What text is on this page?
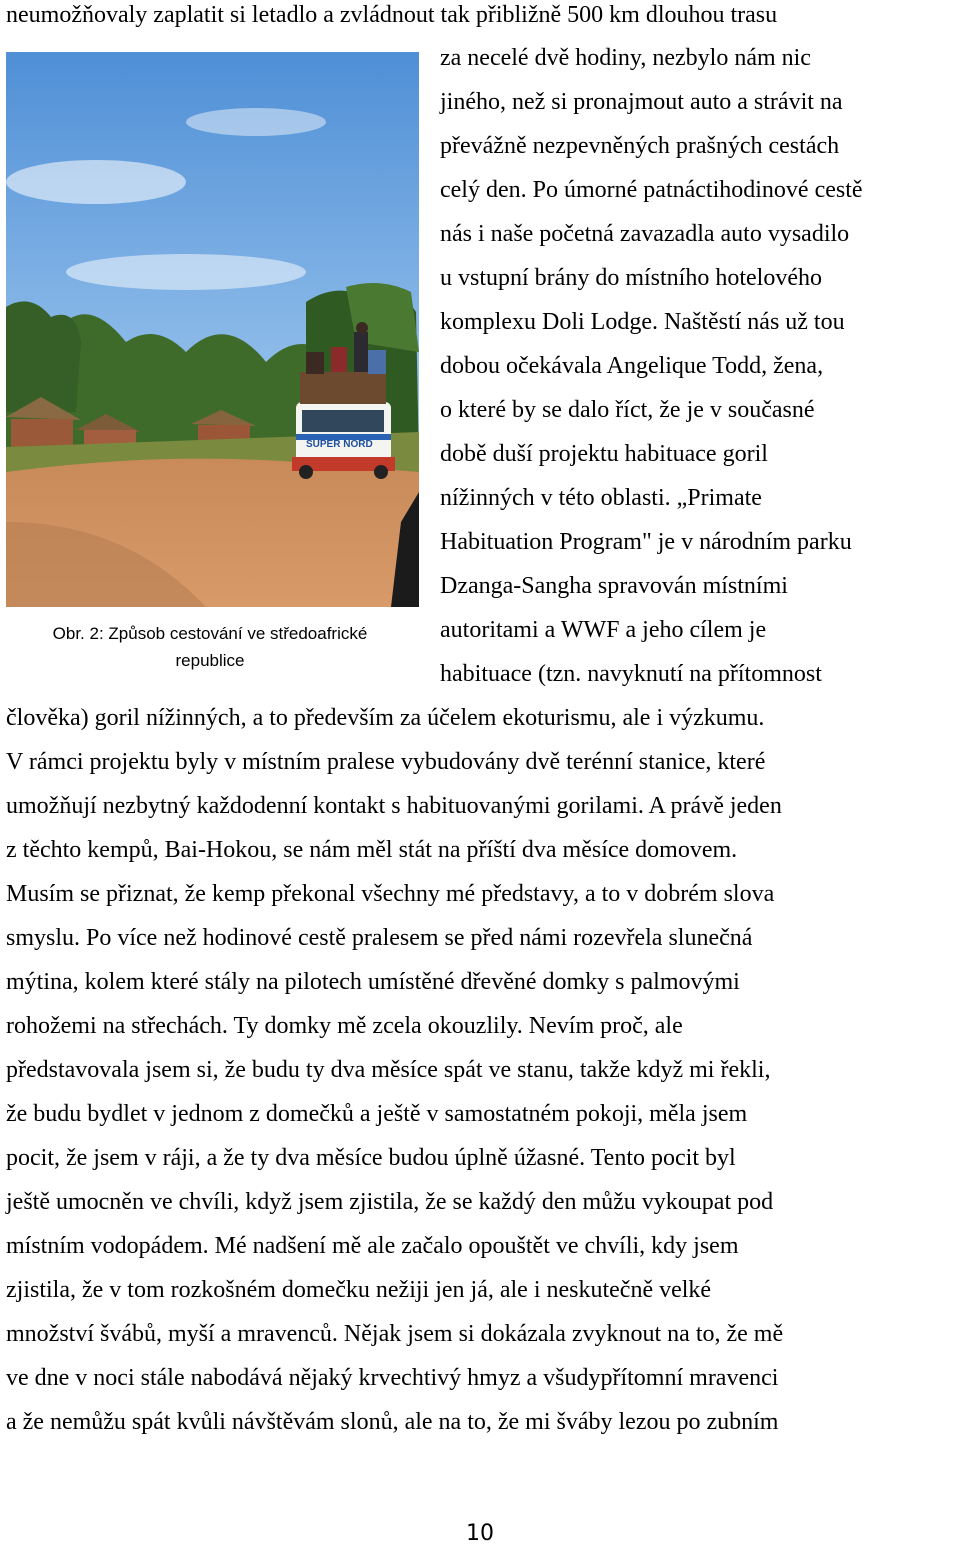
neumožňovaly zaplatit si letadlo a zvládnout tak přibližně 500 km dlouhou trasu
SUPER NORD
Obr. 2: Způsob cestování ve středoafrické
republice
za necelé dvě hodiny, nezbylo nám nic
jiného, než si pronajmout auto a strávit na
převážně nezpevněných prašných cestách
celý den. Po úmorné patnáctihodinové cestě
nás i naše početná zavazadla auto vysadilo
u vstupní brány do místního hotelového
komplexu Doli Lodge. Naštěstí nás už tou
dobou očekávala Angelique Todd, žena,
o které by se dalo říct, že je v současné
době duší projektu habituace goril
nížinných v této oblasti. „Primate
Habituation Program" je v národním parku
Dzanga-Sangha spravován místními
autoritami a WWF a jeho cílem je
habituace (tzn. navyknutí na přítomnost
člověka) goril nížinných, a to především za účelem ekoturismu, ale i výzkumu.
V rámci projektu byly v místním pralese vybudovány dvě terénní stanice, které
umožňují nezbytný každodenní kontakt s habituovanými gorilami. A právě jeden
z těchto kempů, Bai-Hokou, se nám měl stát na příští dva měsíce domovem.
Musím se přiznat, že kemp překonal všechny mé představy, a to v dobrém slova
smyslu. Po více než hodinové cestě pralesem se před námi rozevřela slunečná
mýtina, kolem které stály na pilotech umístěné dřevěné domky s palmovými
rohožemi na střechách. Ty domky mě zcela okouzlily. Nevím proč, ale
představovala jsem si, že budu ty dva měsíce spát ve stanu, takže když mi řekli,
že budu bydlet v jednom z domečků a ještě v samostatném pokoji, měla jsem
pocit, že jsem v ráji, a že ty dva měsíce budou úplně úžasné. Tento pocit byl
ještě umocněn ve chvíli, když jsem zjistila, že se každý den můžu vykoupat pod
místním vodopádem. Mé nadšení mě ale začalo opouštět ve chvíli, kdy jsem
zjistila, že v tom rozkošném domečku nežiji jen já, ale i neskutečně velké
množství švábů, myší a mravenců. Nějak jsem si dokázala zvyknout na to, že mě
ve dne v noci stále nabodává nějaký krvechtivý hmyz a všudypřítomní mravenci
a že nemůžu spát kvůli návštěvám slonů, ale na to, že mi šváby lezou po zubním
10
